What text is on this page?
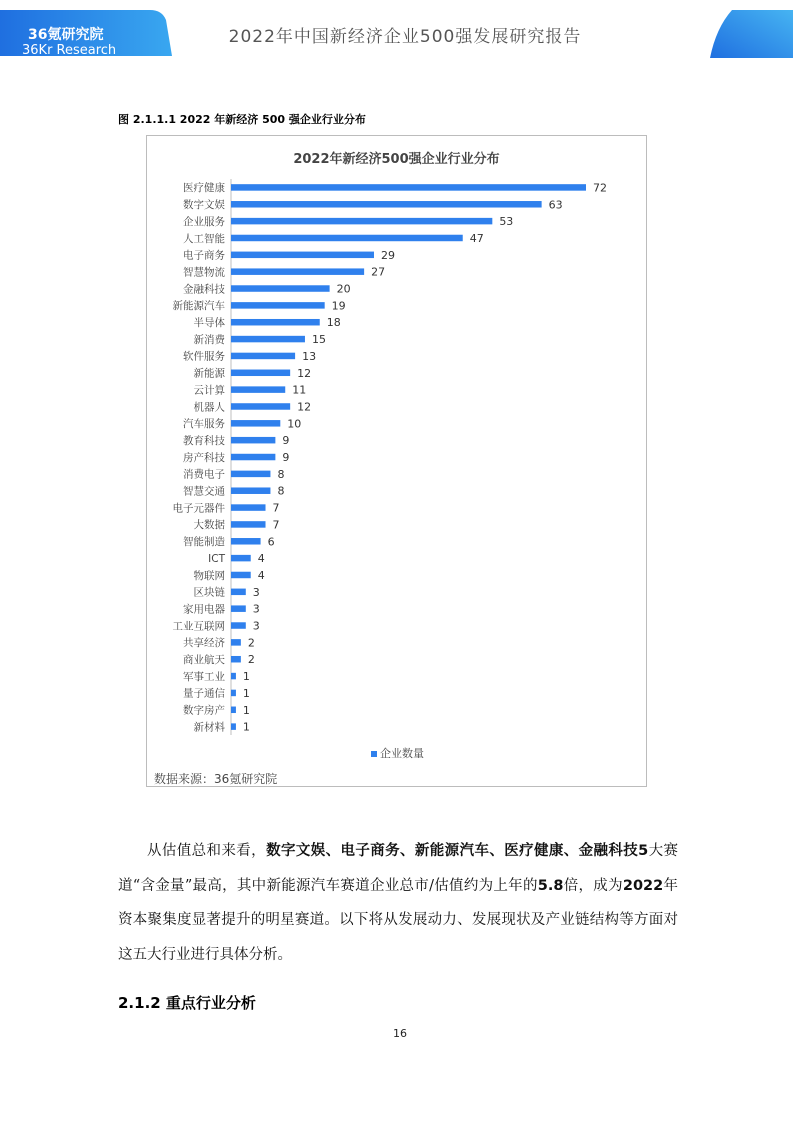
36氪研究院
36Kr Research
2022年中国新经济企业500强发展研究报告
图 2.1.1.1 2022 年新经济 500 强企业行业分布
2022年新经济500强企业行业分布
医疗健康	72
数字文娱	63
企业服务	53
人工智能	47
电子商务	29
智慧物流	27
金融科技	20
新能源汽车	19
半导体	18
新消费	15
软件服务	13
新能源	12
云计算	11
机器人	12
汽车服务	10
教育科技	9
房产科技	9
消费电子	8
智慧交通	8
电子元器件	7
大数据	7
智能制造	6
ICT	4
物联网	4
区块链	3
家用电器	3
工业互联网	3
共享经济 2
商业航天 2
军事工业 1
量子通信 1
数字房产 1
新材料 1
企业数量
数据来源：36氪研究院
从估值总和来看，数字文娱、电子商务、新能源汽车、医疗健康、金融科技5大赛道“含金量”最高，其中新能源汽车赛道企业总市/估值约为上年的5.8倍，成为2022年资本聚集度显著提升的明星赛道。以下将从发展动力、发展现状及产业链结构等方面对这五大行业进行具体分析。
2.1.2 重点行业分析
16
